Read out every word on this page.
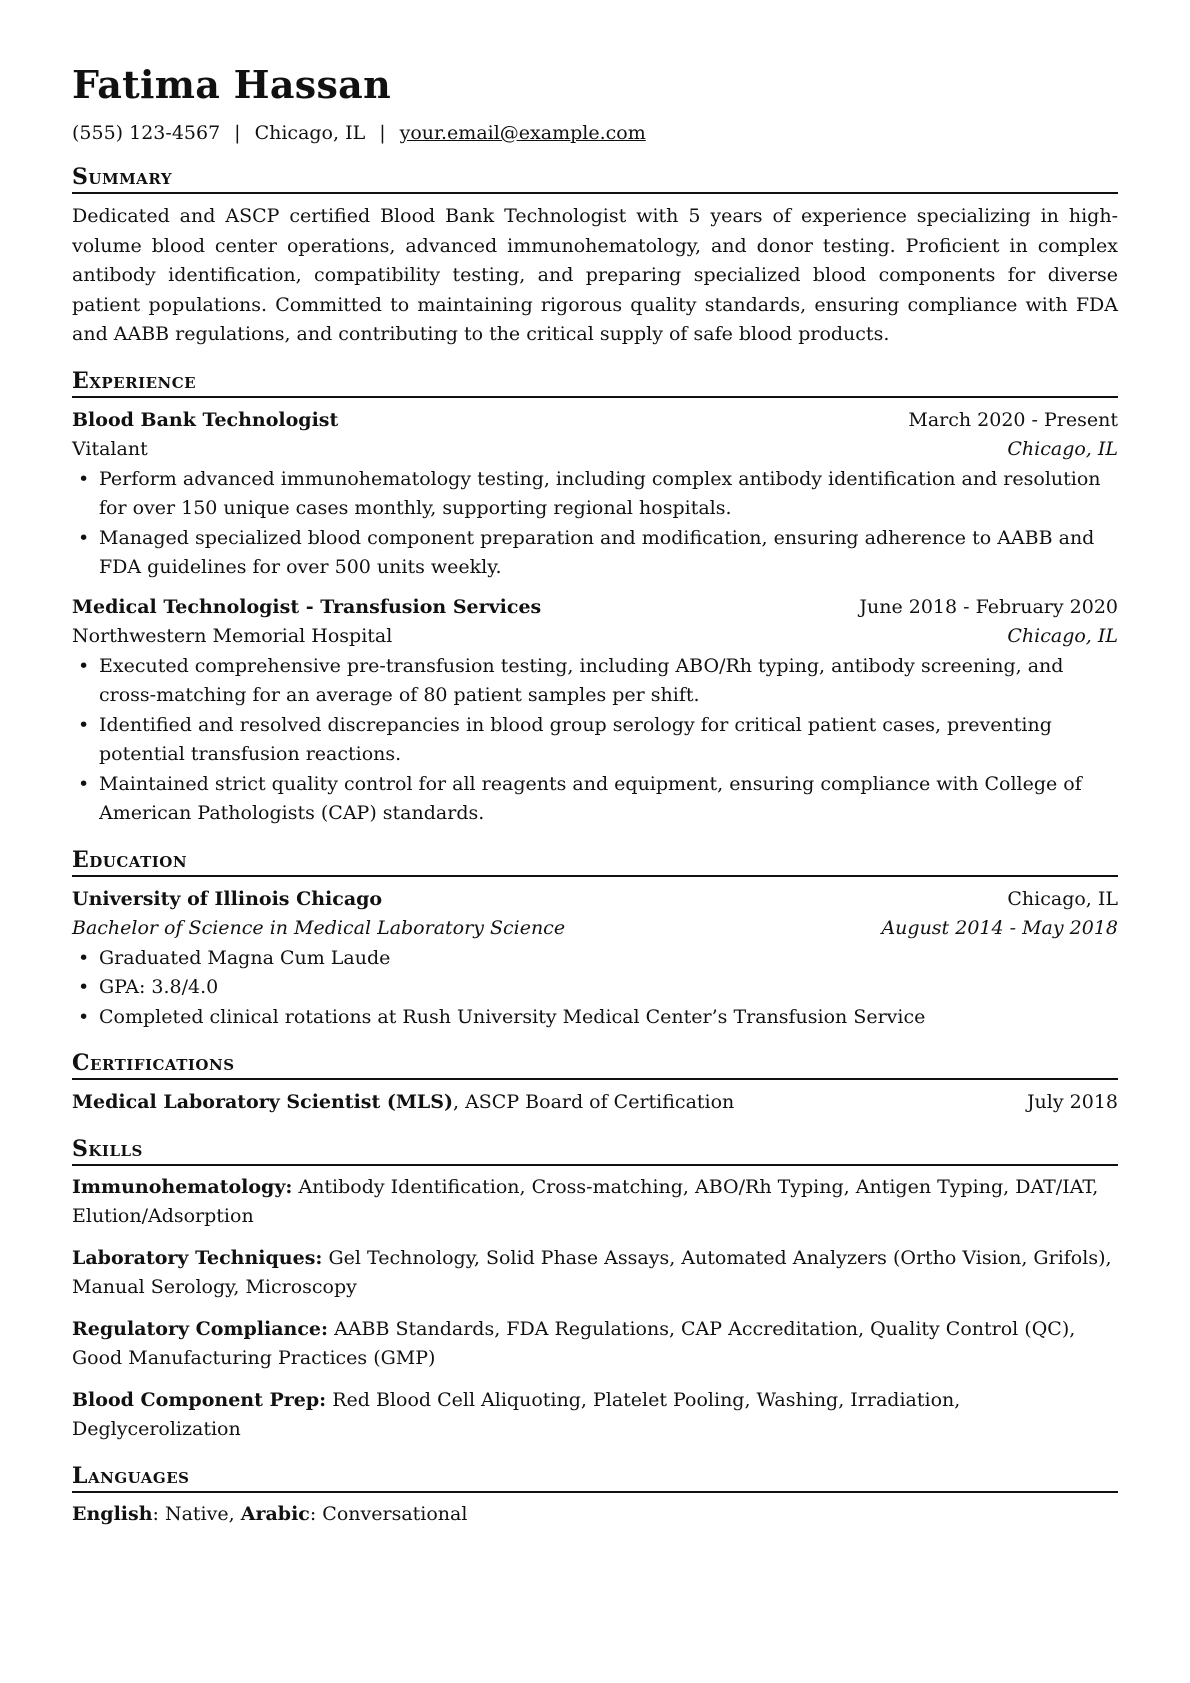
Fatima Hassan
(555) 123-4567 | Chicago, IL | your.email@example.com
Summary
Dedicated and ASCP certified Blood Bank Technologist with 5 years of experience specializing in high-volume blood center operations, advanced immunohematology, and donor testing. Proficient in complex antibody identification, compatibility testing, and preparing specialized blood components for diverse patient populations. Committed to maintaining rigorous quality standards, ensuring compliance with FDA and AABB regulations, and contributing to the critical supply of safe blood products.
Experience
Blood Bank Technologist	March 2020 - Present
Vitalant	Chicago, IL
• Perform advanced immunohematology testing, including complex antibody identification and resolution for over 150 unique cases monthly, supporting regional hospitals.
• Managed specialized blood component preparation and modification, ensuring adherence to AABB and FDA guidelines for over 500 units weekly.
Medical Technologist - Transfusion Services	June 2018 - February 2020
Northwestern Memorial Hospital	Chicago, IL
• Executed comprehensive pre-transfusion testing, including ABO/Rh typing, antibody screening, and cross-matching for an average of 80 patient samples per shift.
• Identified and resolved discrepancies in blood group serology for critical patient cases, preventing potential transfusion reactions.
• Maintained strict quality control for all reagents and equipment, ensuring compliance with College of American Pathologists (CAP) standards.
Education
University of Illinois Chicago	Chicago, IL
Bachelor of Science in Medical Laboratory Science	August 2014 - May 2018
• Graduated Magna Cum Laude
• GPA: 3.8/4.0
• Completed clinical rotations at Rush University Medical Center’s Transfusion Service
Certifications
Medical Laboratory Scientist (MLS), ASCP Board of Certification	July 2018
Skills
Immunohematology: Antibody Identification, Cross-matching, ABO/Rh Typing, Antigen Typing, DAT/IAT, Elution/Adsorption
Laboratory Techniques: Gel Technology, Solid Phase Assays, Automated Analyzers (Ortho Vision, Grifols), Manual Serology, Microscopy
Regulatory Compliance: AABB Standards, FDA Regulations, CAP Accreditation, Quality Control (QC), Good Manufacturing Practices (GMP)
Blood Component Prep: Red Blood Cell Aliquoting, Platelet Pooling, Washing, Irradiation, Deglycerolization
Languages
English: Native, Arabic: Conversational
